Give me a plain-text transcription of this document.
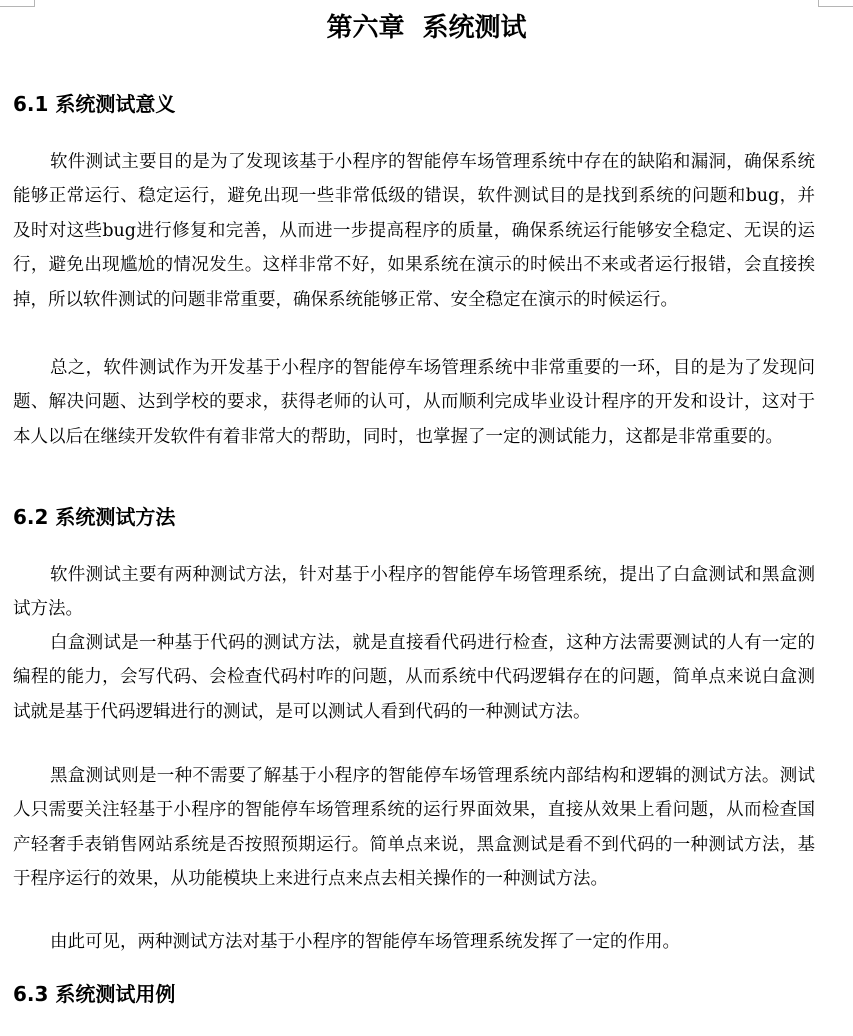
第六章  系统测试
6.1 系统测试意义

软件测试主要目的是为了发现该基于小程序的智能停车场管理系统中存在的缺陷和漏洞，确保系统能够正常运行、稳定运行，避免出现一些非常低级的错误，软件测试目的是找到系统的问题和bug，并及时对这些bug进行修复和完善，从而进一步提高程序的质量，确保系统运行能够安全稳定、无误的运行，避免出现尴尬的情况发生。这样非常不好，如果系统在演示的时候出不来或者运行报错，会直接挨掉，所以软件测试的问题非常重要，确保系统能够正常、安全稳定在演示的时候运行。

总之，软件测试作为开发基于小程序的智能停车场管理系统中非常重要的一环，目的是为了发现问题、解决问题、达到学校的要求，获得老师的认可，从而顺利完成毕业设计程序的开发和设计，这对于本人以后在继续开发软件有着非常大的帮助，同时，也掌握了一定的测试能力，这都是非常重要的。

6.2 系统测试方法

软件测试主要有两种测试方法，针对基于小程序的智能停车场管理系统，提出了白盒测试和黑盒测试方法。

白盒测试是一种基于代码的测试方法，就是直接看代码进行检查，这种方法需要测试的人有一定的编程的能力，会写代码、会检查代码村咋的问题，从而系统中代码逻辑存在的问题，简单点来说白盒测试就是基于代码逻辑进行的测试，是可以测试人看到代码的一种测试方法。

黑盒测试则是一种不需要了解基于小程序的智能停车场管理系统内部结构和逻辑的测试方法。测试人只需要关注轻基于小程序的智能停车场管理系统的运行界面效果，直接从效果上看问题，从而检查国产轻奢手表销售网站系统是否按照预期运行。简单点来说，黑盒测试是看不到代码的一种测试方法，基于程序运行的效果，从功能模块上来进行点来点去相关操作的一种测试方法。

由此可见，两种测试方法对基于小程序的智能停车场管理系统发挥了一定的作用。

6.3 系统测试用例
